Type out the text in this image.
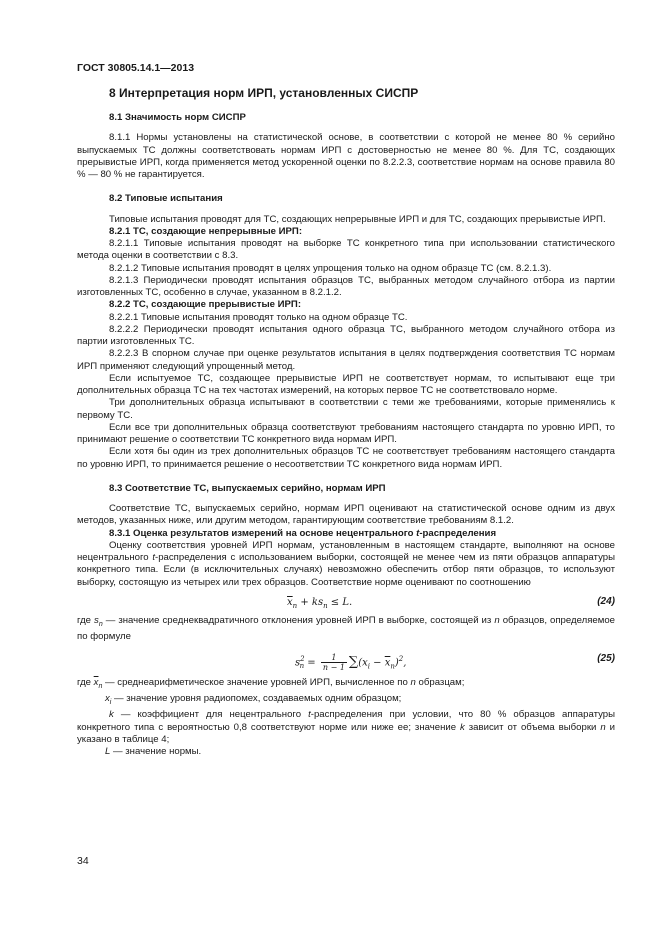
ГОСТ 30805.14.1—2013
8 Интерпретация норм ИРП, установленных СИСПР
8.1 Значимость норм СИСПР
8.1.1 Нормы установлены на статистической основе, в соответствии с которой не менее 80 % серийно выпускаемых ТС должны соответствовать нормам ИРП с достоверностью не менее 80 %. Для ТС, создающих прерывистые ИРП, когда применяется метод ускоренной оценки по 8.2.2.3, соответствие нормам на основе правила 80 % — 80 % не гарантируется.
8.2 Типовые испытания
Типовые испытания проводят для ТС, создающих непрерывные ИРП и для ТС, создающих прерывистые ИРП.
8.2.1 ТС, создающие непрерывные ИРП:
8.2.1.1 Типовые испытания проводят на выборке ТС конкретного типа при использовании статистического метода оценки в соответствии с 8.3.
8.2.1.2 Типовые испытания проводят в целях упрощения только на одном образце ТС (см. 8.2.1.3).
8.2.1.3 Периодически проводят испытания образцов ТС, выбранных методом случайного отбора из партии изготовленных ТС, особенно в случае, указанном в 8.2.1.2.
8.2.2 ТС, создающие прерывистые ИРП:
8.2.2.1 Типовые испытания проводят только на одном образце ТС.
8.2.2.2 Периодически проводят испытания одного образца ТС, выбранного методом случайного отбора из партии изготовленных ТС.
8.2.2.3 В спорном случае при оценке результатов испытания в целях подтверждения соответствия ТС нормам ИРП применяют следующий упрощенный метод.
Если испытуемое ТС, создающее прерывистые ИРП не соответствует нормам, то испытывают еще три дополнительных образца ТС на тех частотах измерений, на которых первое ТС не соответствовало норме.
Три дополнительных образца испытывают в соответствии с теми же требованиями, которые применялись к первому ТС.
Если все три дополнительных образца соответствуют требованиям настоящего стандарта по уровню ИРП, то принимают решение о соответствии ТС конкретного вида нормам ИРП.
Если хотя бы один из трех дополнительных образцов ТС не соответствует требованиям настоящего стандарта по уровню ИРП, то принимается решение о несоответствии ТС конкретного вида нормам ИРП.
8.3 Соответствие ТС, выпускаемых серийно, нормам ИРП
Соответствие ТС, выпускаемых серийно, нормам ИРП оценивают на статистической основе одним из двух методов, указанных ниже, или другим методом, гарантирующим соответствие требованиям 8.1.2.
8.3.1 Оценка результатов измерений на основе нецентрального t-распределения
Оценку соответствия уровней ИРП нормам, установленным в настоящем стандарте, выполняют на основе нецентрального t-распределения с использованием выборки, состоящей не менее чем из пяти образцов аппаратуры конкретного типа. Если (в исключительных случаях) невозможно обеспечить отбор пяти образцов, то используют выборку, состоящую из четырех или трех образцов. Соответствие норме оценивают по соотношению
$\overline{x}_n + ks_n \le L$.	(24)
где $s_n$ — значение среднеквадратичного отклонения уровней ИРП в выборке, состоящей из n образцов, определяемое по формуле
$s^2_n = \frac{1}{n - 1} \sum(x_i - \overline{x}_n)^2$,	(25)
где $\overline{x}_n$ — среднеарифметическое значение уровней ИРП, вычисленное по n образцам;
$x_i$ — значение уровня радиопомех, создаваемых одним образцом;
k — коэффициент для нецентрального t-распределения при условии, что 80 % образцов аппаратуры конкретного типа с вероятностью 0,8 соответствуют норме или ниже ее; значение k зависит от объема выборки n и указано в таблице 4;
L — значение нормы.
34
